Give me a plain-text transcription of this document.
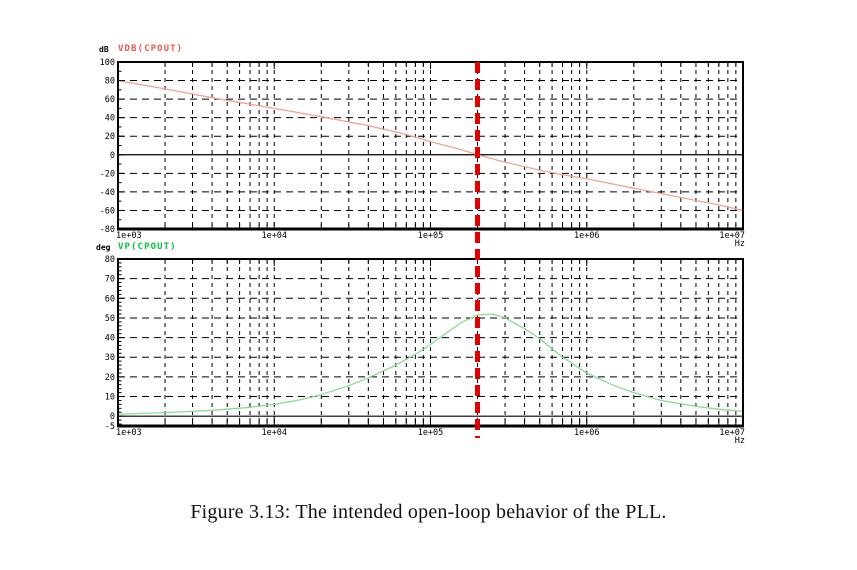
100
80
60
40
20
0
-20
-40
-60
-80
1e+03	1e+04	1e+05	1e+06	1e+07
Hz
80
70
60
50
40
30
20
10
0
-5
1e+03	1e+04	1e+05	1e+06	1e+07
Hz
dB VDB(CPOUT)
deg VP(CPOUT)
Figure 3.13: The intended open-loop behavior of the PLL.
